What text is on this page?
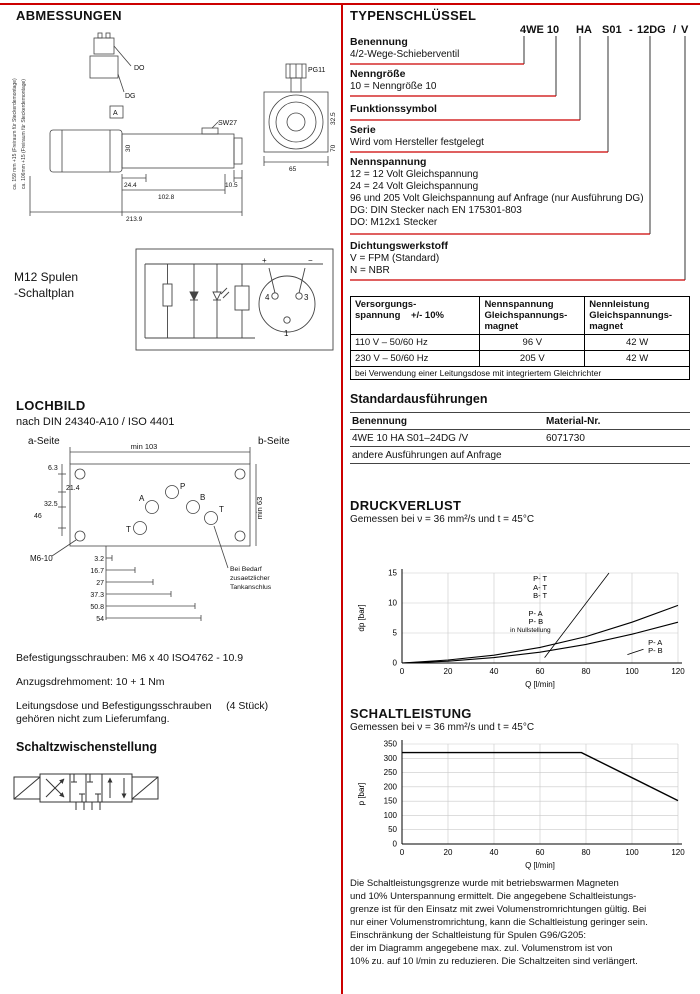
ABMESSUNGEN
DO
DG
A
SW27
PG11
24.4
102.8
213.9
10.5
30
65
32.5
70
ca. 159 mm +15 (Freiraum für Steckerdemontage) ca. 106mm +15 (Freiraum für Steckerdemontage)
M12 Spulen
-Schaltplan
+	−
4	3
1
LOCHBILD
nach DIN 24340-A10 / ISO 4401
a-Seite	b-Seite
min 103
min 63
6.3
21.4
32.5
46
M6-10
P
A	B
T
T
3.2
16.7
27
37.3
50.8
54
Bei Bedarf
zusaetzlicher
Tankanschlus
Befestigungsschrauben: M6 x 40 ISO4762 - 10.9
Anzugsdrehmoment: 10 + 1 Nm
Leitungsdose und Befestigungsschrauben     (4 Stück)
gehören nicht zum Lieferumfang.
Schaltzwischenstellung
TYPENSCHLÜSSEL
4WE 10 HA S01 - 12DG / V
Benennung
4/2-Wege-Schieberventil
Nenngröße
10 = Nenngröße 10
Funktionssymbol
Serie
Wird vom Hersteller festgelegt
Nennspannung
12 = 12 Volt Gleichspannung
24 = 24 Volt Gleichspannung
96 und 205 Volt Gleichspannung auf Anfrage (nur Ausführung DG)
DG: DIN Stecker nach EN 175301-803
DO: M12x1 Stecker
Dichtungswerkstoff
V = FPM (Standard)
N = NBR
Versorgungs-
spannung    +/- 10%

Nennspannung
Gleichspannungs-
magnet

Nennleistung
Gleichspannungs-
magnet

110 V – 50/60 Hz	96 V	42 W
230 V – 50/60 Hz	205 V	42 W
bei Verwendung einer Leitungsdose mit integriertem Gleichrichter		
Standardausführungen
Benennung	Material-Nr.
4WE 10 HA S01–24DG /V	6071730
andere Ausführungen auf Anfrage
DRUCKVERLUST
Gemessen bei ν = 36 mm²/s und t = 45°C
0	20	40	60	80	100	120
0
5
10
15
P- T
A- T
B- T
P- A
P- B
in Nullstellung
P- A
P- B
dp [bar]
Q [l/min]
SCHALTLEISTUNG
Gemessen bei ν = 36 mm²/s und t = 45°C
0	20	40	60	80	100	120
0
50
100
150
200
250
300
350
p [bar]
Q [l/min]
Die Schaltleistungsgrenze wurde mit betriebswarmen Magneten
und 10% Unterspannung ermittelt. Die angegebene Schaltleistungs-
grenze ist für den Einsatz mit zwei Volumenstromrichtungen gültig. Bei
nur einer Volumenstromrichtung, kann die Schaltleistung geringer sein.
Einschränkung der Schaltleistung für Spulen G96/G205:
der im Diagramm angegebene max. zul. Volumenstrom ist von
10% zu. auf 10 l/min zu reduzieren. Die Schaltzeiten sind verlängert.
